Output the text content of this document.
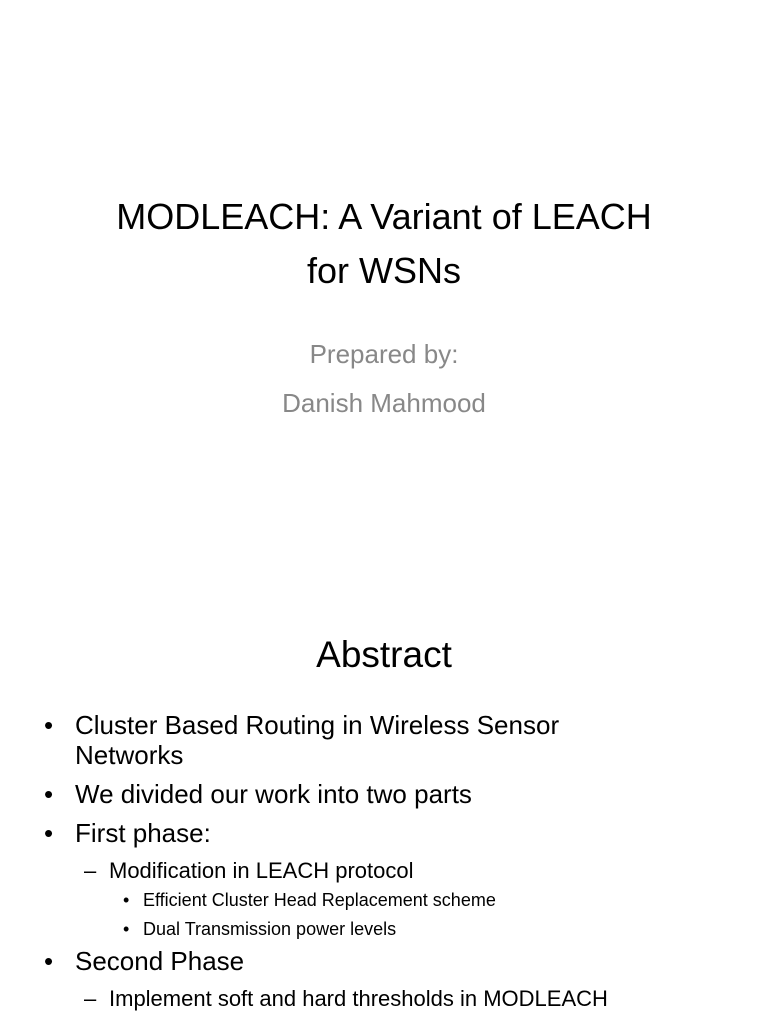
MODLEACH: A Variant of LEACH
for WSNs
Prepared by:
Danish Mahmood
Abstract
• Cluster Based Routing in Wireless Sensor Networks
• We divided our work into two parts
• First phase:
– Modification in LEACH protocol
• Efficient Cluster Head Replacement scheme
• Dual Transmission power levels
• Second Phase
– Implement soft and hard thresholds in MODLEACH
